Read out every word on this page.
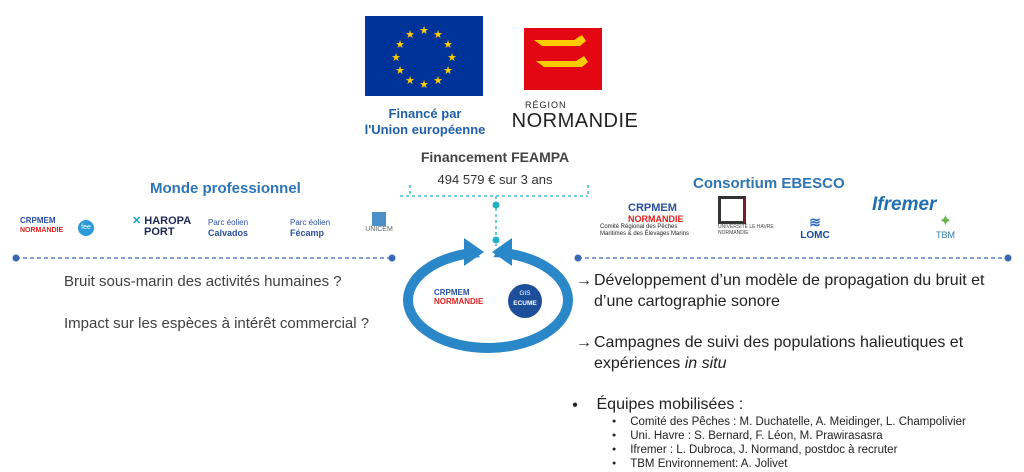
★ ★
★
★
★
★
★
★
★
★
★
★
Financé par
l'Union européenne
RÉGION
NORMANDIE
Financement FEAMPA
494 579 € sur 3 ans
Monde professionnel
CRPMEM
NORMANDIE	fee
✕ HAROPA
PORT
Parc éolien
Calvados
Parc éolien
Fécamp	UNICEM
Bruit sous-marin des activités humaines ?
Impact sur les espèces à intérêt commercial ?
CRPMEM
NORMANDIE
GIS
ECUME
Consortium EBESCO
CRPMEM
NORMANDIE
Comité Régional des Pêches Maritimes & des Élevages Marins
UNIVERSITÉ LE HAVRE NORMANDIE
≋
LOMC
Ifremer
✦
TBM
→ Développement d’un modèle de propagation du bruit et d’une cartographie sonore
→ Campagnes de suivi des populations halieutiques et expériences in situ
● Équipes mobilisées :
● Comité des Pêches : M. Duchatelle, A. Meidinger, L. Champolivier
● Uni. Havre : S. Bernard, F. Léon, M. Prawirasasra
● Ifremer : L. Dubroca, J. Normand, postdoc à recruter
● TBM Environnement: A. Jolivet
